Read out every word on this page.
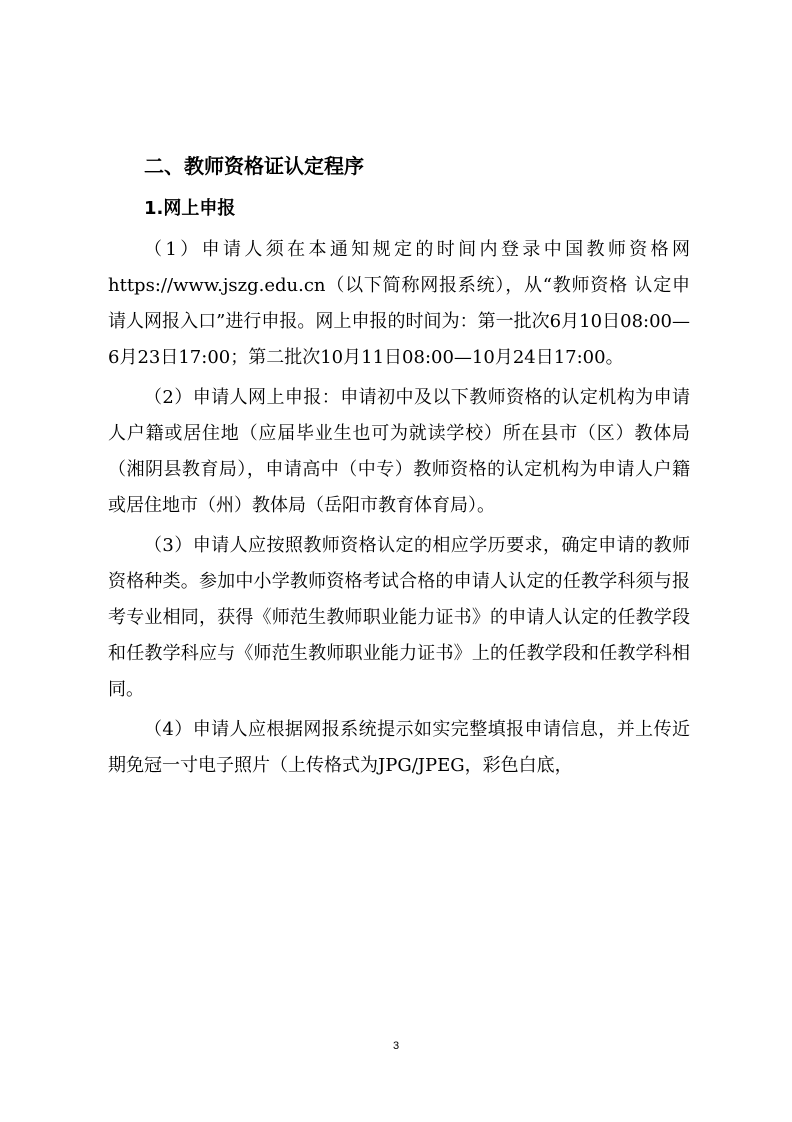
二、教师资格证认定程序
1.网上申报

（1）申请人须在本通知规定的时间内登录中国教师资格网https://www.jszg.edu.cn（以下简称网报系统），从“教师资格 认定申请人网报入口”进行申报。网上申报的时间为：第一批次6月10日08:00—6月23日17:00；第二批次10月11日08:00—10月24日17:00。

（2）申请人网上申报：申请初中及以下教师资格的认定机构为申请人户籍或居住地（应届毕业生也可为就读学校）所在县市（区）教体局（湘阴县教育局），申请高中（中专）教师资格的认定机构为申请人户籍或居住地市（州）教体局（岳阳市教育体育局）。

（3）申请人应按照教师资格认定的相应学历要求，确定申请的教师资格种类。参加中小学教师资格考试合格的申请人认定的任教学科须与报考专业相同，获得《师范生教师职业能力证书》的申请人认定的任教学段和任教学科应与《师范生教师职业能力证书》上的任教学段和任教学科相同。

（4）申请人应根据网报系统提示如实完整填报申请信息，并上传近期免冠一寸电子照片（上传格式为JPG/JPEG，彩色白底，

3
